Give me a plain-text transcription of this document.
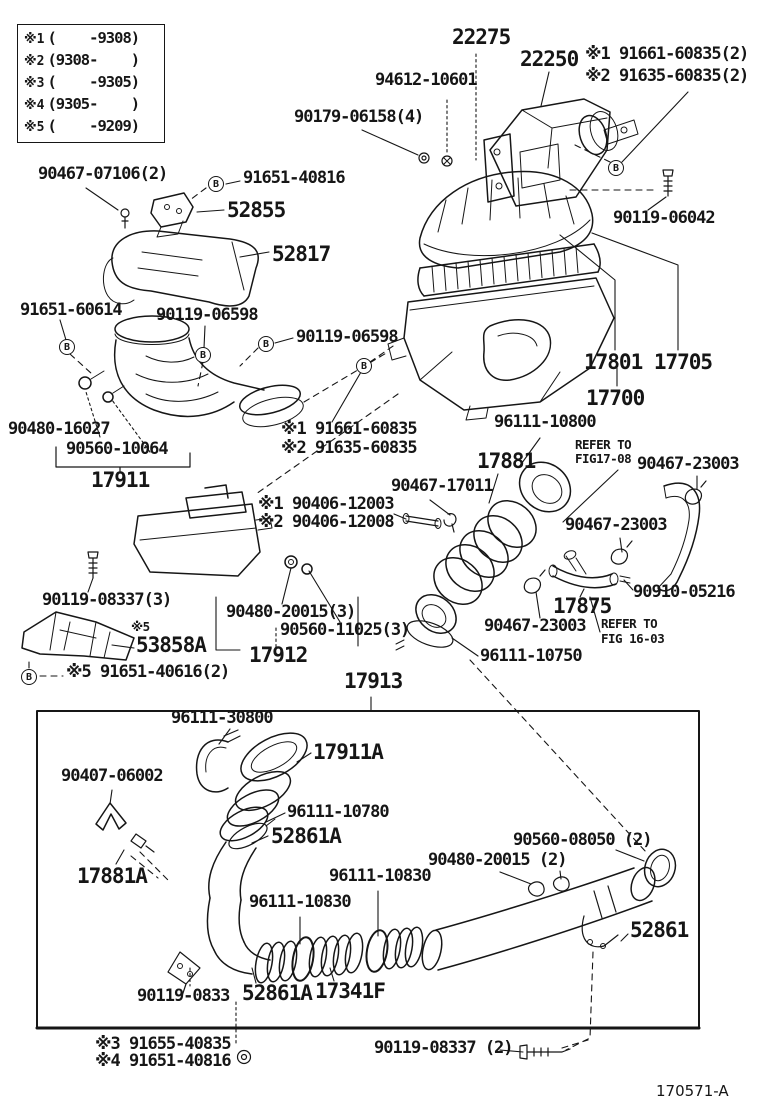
※1 (    -9308)
※2 (9308-    )
※3 (    -9305)
※4 (9305-    )
※5 (    -9209)
22275
22250 ※1 91661-60835(2)
※2 91635-60835(2)
94612-10601
90179-06158(4)
90467-07106(2)	91651-40816
52855
52817
90119-06042
91651-60614 90119-06598
90119-06598
17801 17705
17700
90480-16027
90560-10064
17911
※1 91661-60835
※2 91635-60835
96111-10800
REFER TO
FIG17-08
17881	90467-23003
90467-17011
※1 90406-12003
※2 90406-12008	90467-23003
90910-05216
17875
90467-23003 REFER TO
FIG 16-03
90119-08337(3)
※5
53858A
※5 91651-40616(2)
96111-10750
90480-20015(3)
90560-11025(3)
17912
17913
96111-30800
17911A
90407-06002
96111-10780
52861A
17881A
90560-08050 (2)
90480-20015 (2)
96111-10830
96111-10830
52861
90119-0833 52861A 17341F
※3 91655-40835
※4 91651-40816
90119-08337 (2)
170571-A
B
B
B
B
B
B
B
